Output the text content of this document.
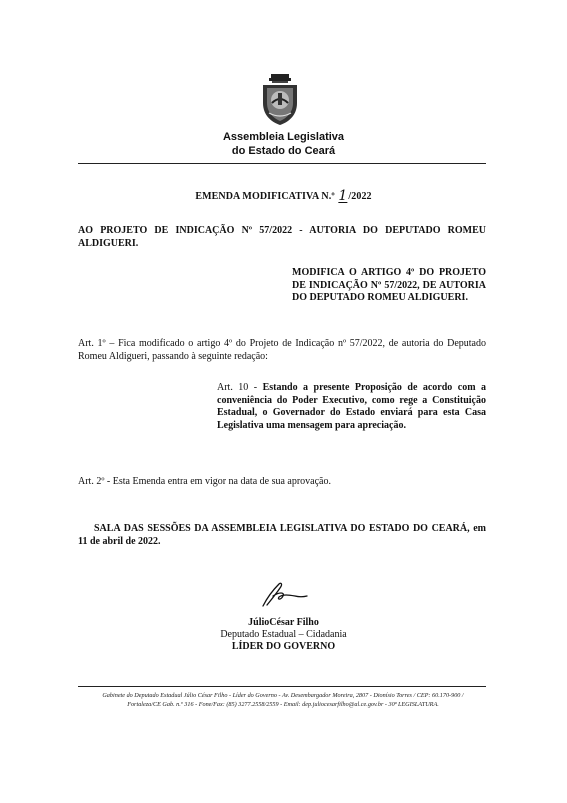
Assembleia Legislativa
do Estado do Ceará
EMENDA MODIFICATIVA N.º 1/2022
AO PROJETO DE INDICAÇÃO Nº 57/2022 - AUTORIA DO DEPUTADO ROMEU ALDIGUERI.
MODIFICA O ARTIGO 4º DO PROJETO DE INDICAÇÃO Nº 57/2022, DE AUTORIA DO DEPUTADO ROMEU ALDIGUERI.
Art. 1º – Fica modificado o artigo 4º do Projeto de Indicação nº 57/2022, de autoria do Deputado Romeu Aldigueri, passando à seguinte redação:
Art. 10 - Estando a presente Proposição de acordo com a conveniência do Poder Executivo, como rege a Constituição Estadual, o Governador do Estado enviará para esta Casa Legislativa uma mensagem para apreciação.
Art. 2º - Esta Emenda entra em vigor na data de sua aprovação.
SALA DAS SESSÕES DA ASSEMBLEIA LEGISLATIVA DO ESTADO DO CEARÁ, em 11 de abril de 2022.
JúlioCésar Filho
Deputado Estadual – Cidadania
LÍDER DO GOVERNO
Gabinete do Deputado Estadual Júlio César Filho - Líder do Governo - Av. Desembargador Moreira, 2807 - Dionísio Torres / CEP: 60.170-900 /
Fortaleza/CE Gab. n.º 316 - Fone/Fax: (85) 3277.2558/2559 - Email: dep.juliocesarfilho@al.ce.gov.br - 30ª LEGISLATURA.
